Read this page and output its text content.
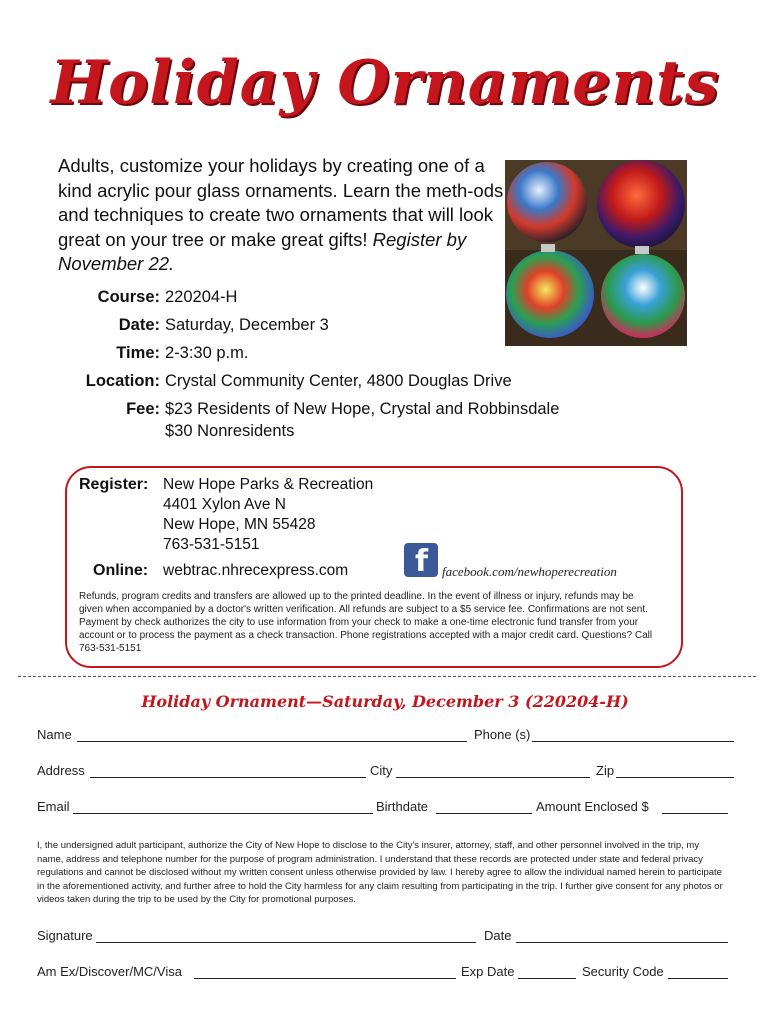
Holiday Ornaments
Adults, customize your holidays by creating one of a kind acrylic pour glass ornaments. Learn the meth-ods and techniques to create two ornaments that will look great on your tree or make great gifts! Register by November 22.
Course: 220204-H
Date: Saturday, December 3
Time: 2-3:30 p.m.
Location: Crystal Community Center, 4800 Douglas Drive
Fee: $23 Residents of New Hope, Crystal and Robbinsdale
$30 Nonresidents
Register: New Hope Parks & Recreation
4401 Xylon Ave N
New Hope, MN 55428
763-531-5151
Online: webtrac.nhrecexpress.com f facebook.com/newhoperecreation
Refunds, program credits and transfers are allowed up to the printed deadline. In the event of illness or injury, refunds may be given when accompanied by a doctor's written verification. All refunds are subject to a $5 service fee. Confirmations are not sent. Payment by check authorizes the city to use information from your check to make a one-time electronic fund transfer from your account or to process the payment as a check transaction. Phone registrations accepted with a major credit card. Questions? Call 763-531-5151
Holiday Ornament—Saturday, December 3 (220204-H)
Name	Phone (s)
Address	City	Zip
Email	Birthdate	Amount Enclosed $
I, the undersigned adult participant, authorize the City of New Hope to disclose to the City's insurer, attorney, staff, and other personnel involved in the trip, my name, address and telephone number for the purpose of program administration. I understand that these records are protected under state and federal privacy regulations and cannot be disclosed without my written consent unless otherwise provided by law. I hereby agree to allow the individual named herein to participate in the aforementioned activity, and further afree to hold the City harmless for any claim resulting from participating in the trip. I further give consent for any photos or videos taken during the trip to be used by the City for promotional purposes.
Signature	Date
Am Ex/Discover/MC/Visa	Exp Date	Security Code
